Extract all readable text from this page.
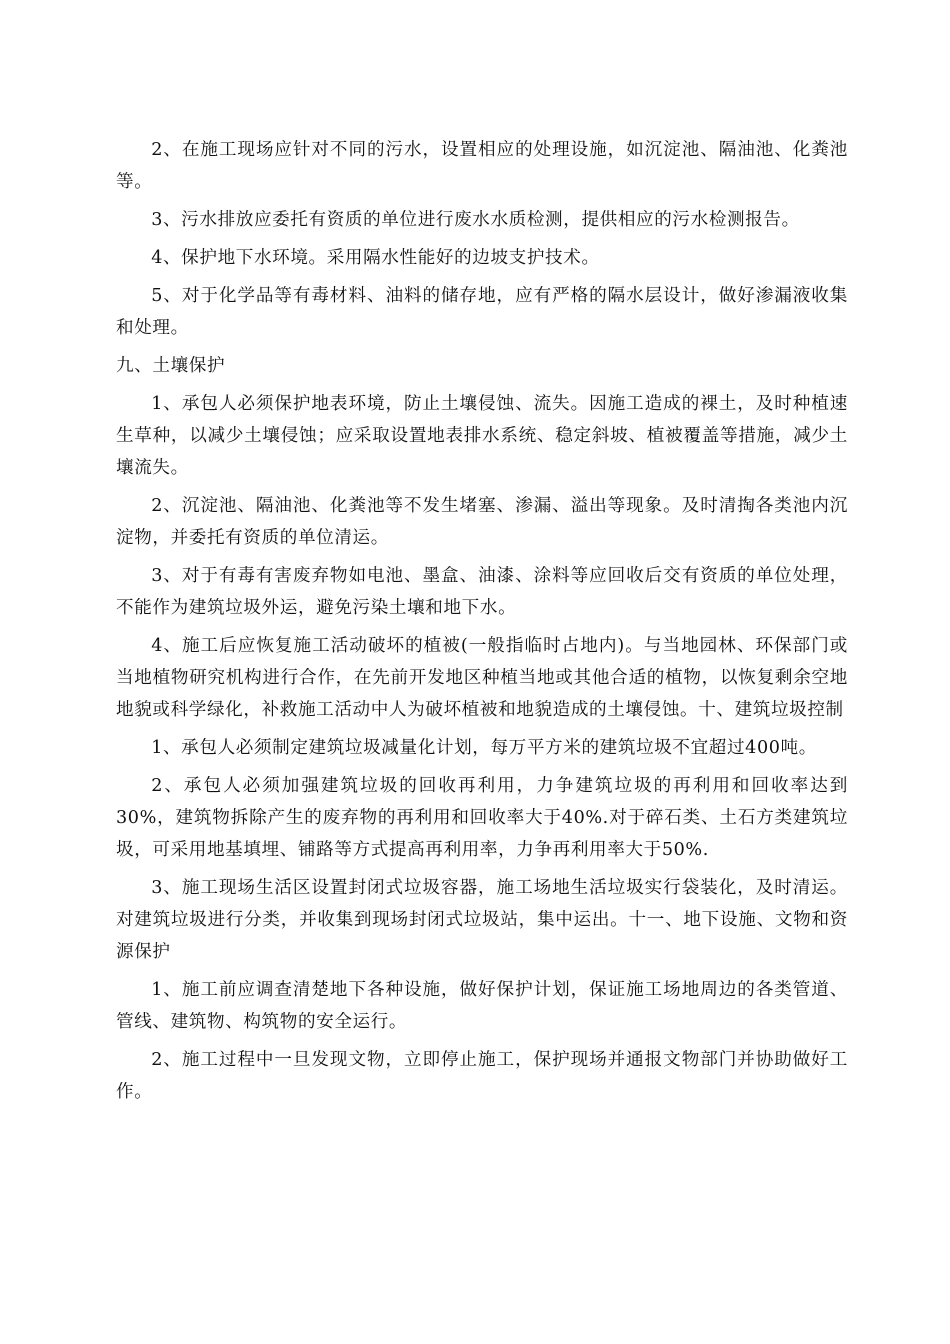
2、在施工现场应针对不同的污水，设置相应的处理设施，如沉淀池、隔油池、化粪池等。

3、污水排放应委托有资质的单位进行废水水质检测，提供相应的污水检测报告。

4、保护地下水环境。采用隔水性能好的边坡支护技术。

5、对于化学品等有毒材料、油料的储存地，应有严格的隔水层设计，做好渗漏液收集和处理。

九、土壤保护

1、承包人必须保护地表环境，防止土壤侵蚀、流失。因施工造成的裸土，及时种植速生草种，以减少土壤侵蚀；应采取设置地表排水系统、稳定斜坡、植被覆盖等措施，减少土壤流失。

2、沉淀池、隔油池、化粪池等不发生堵塞、渗漏、溢出等现象。及时清掏各类池内沉淀物，并委托有资质的单位清运。

3、对于有毒有害废弃物如电池、墨盒、油漆、涂料等应回收后交有资质的单位处理，不能作为建筑垃圾外运，避免污染土壤和地下水。

4、施工后应恢复施工活动破坏的植被(一般指临时占地内)。与当地园林、环保部门或当地植物研究机构进行合作，在先前开发地区种植当地或其他合适的植物，以恢复剩余空地地貌或科学绿化，补救施工活动中人为破坏植被和地貌造成的土壤侵蚀。十、建筑垃圾控制

1、承包人必须制定建筑垃圾减量化计划，每万平方米的建筑垃圾不宜超过400吨。

2、承包人必须加强建筑垃圾的回收再利用，力争建筑垃圾的再利用和回收率达到30%，建筑物拆除产生的废弃物的再利用和回收率大于40%.对于碎石类、土石方类建筑垃圾，可采用地基填埋、铺路等方式提高再利用率，力争再利用率大于50%.

3、施工现场生活区设置封闭式垃圾容器，施工场地生活垃圾实行袋装化，及时清运。对建筑垃圾进行分类，并收集到现场封闭式垃圾站，集中运出。十一、地下设施、文物和资源保护

1、施工前应调查清楚地下各种设施，做好保护计划，保证施工场地周边的各类管道、管线、建筑物、构筑物的安全运行。

2、施工过程中一旦发现文物，立即停止施工，保护现场并通报文物部门并协助做好工作。
